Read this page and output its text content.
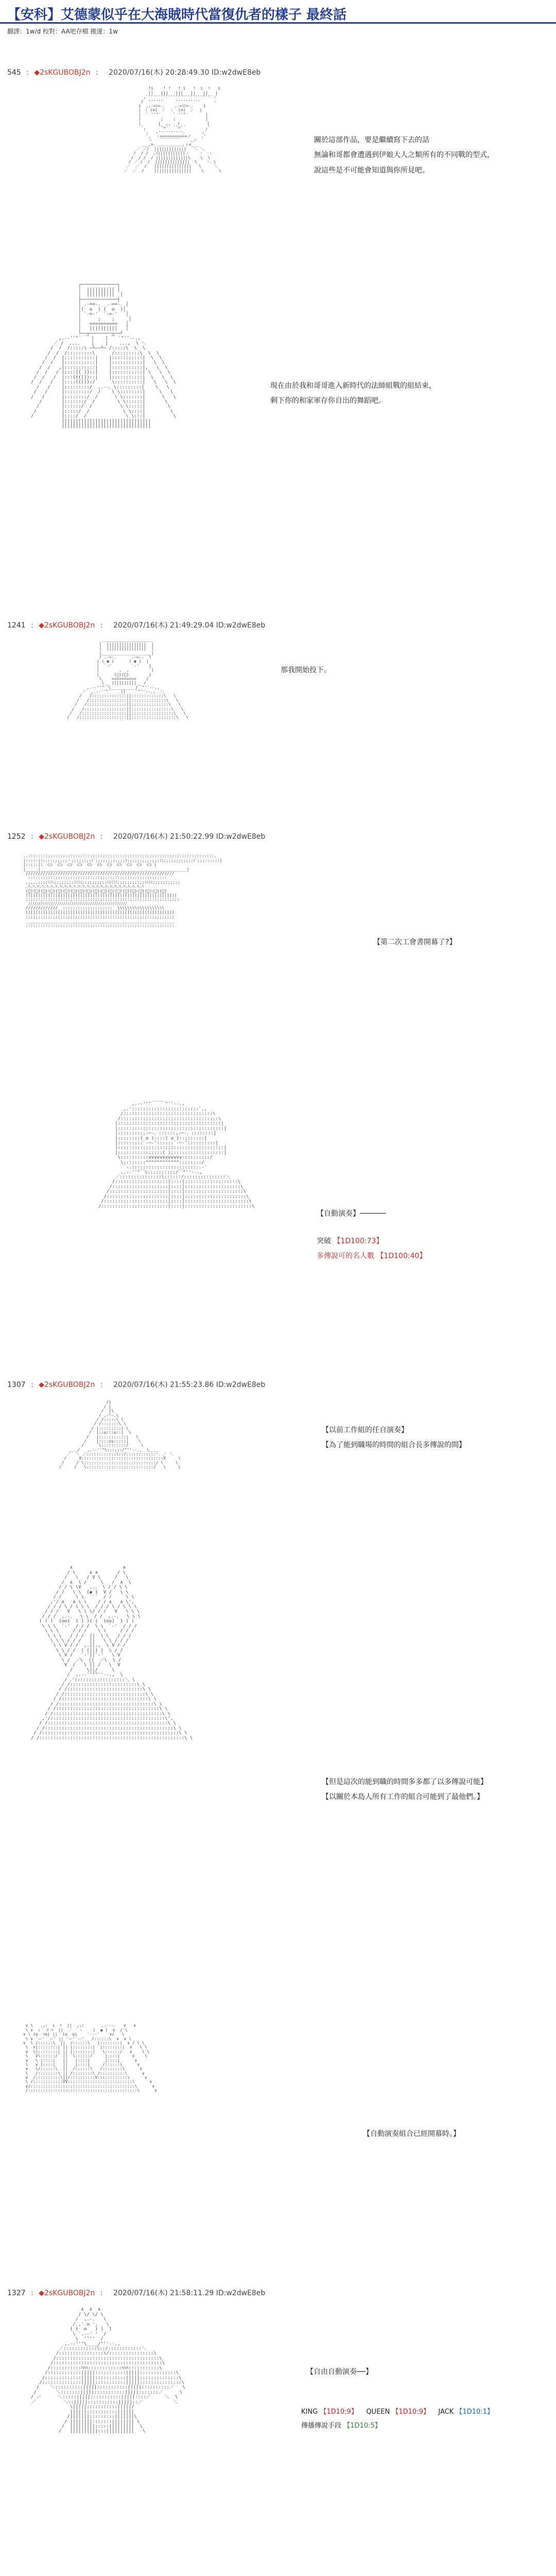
【安科】艾德蒙似乎在大海賊時代當復仇者的樣子 最終話
翻譯：1w/d 校對：AA吧存檔 搬運：1w
545 : ◆2sKGUBOBJ2n : 2020/07/16(木) 20:28:49.30 ID:w2dwE8eb

!i    ! !   ! i   !  i  !   i
||   |||   |||   ||   ||   |
,ﾞ''''''''''''''''''''''''''ヽ
/  ''''''     ''''''''''     ヽ
i  .,-=ﾆ=-、   ,-=ﾆﾆ=-.    i
| 〈 (⊙)  〉 〈  (⊙)  〉  |
|  ` ''"´     ` ''"´       |
|        ;    ;            |
|       (  ,、  )           |
',     `'='´ `'='´        ,'
',   ,-‐‐‐‐‐‐‐‐-、      ,'
',  ヽ===========ノ    ,'
ヽ   ￣￣￣￣￣    ,ノ
___,>、＿＿＿＿＿＿,ィ<___
／ ／/  |||||||||||||   ＼ ＼
/  / /  ,ｲ|||||||||||ヽ    ヽ  ヽ
/  / /  / |||||||||||||\    \  \
/ ／ /  /  ||||||||||||||  \    ＼ \
／  ／  /   |||||||||||||||   \     ＼
／  ／  /    |||||||||||||||    \      \

關於這部作品，要是繼續寫下去的話
無論和哥都會遭遇到伊娘大人之類所有的不同戰的型式，
說這些是不可能會知道與你所見吧。

┌─────────────┐
│  |||||||||| │
│  ||||||||||  │
├─────────────┤
│ .-==-.  .-==-. │
│(  ◎  ) (  ◎  )│
│ `-=-'  `-=-'   │
│      ;    ;     │
│   ==========   │
│   ||||||||||   │
└──┬────────┬──┘
,.-‐''"´ ￣ |    | ￣ `"''‐-.,
／ /  ,...    |    |    ...,  \ ＼
/  /  /:::::\ ―┴――┴― /:::::\  \  \
/  /  /:::::::::\      /:::::::::\  \  \
/  /  |:::::::::::|    |:::::::::::|  \  \
/  /   |:::::::::::|    |:::::::::::|   \  \
/  /   ,|:::::::::::|    |:::::::::::|,   \  \
/  /   / |::::(( ))::|    |:::::::::::| \   \  \
/  /   /  |:::(((())::|    |:::::::::::|  \   \  \
/  /   /   |::::((()):/      \::::::::::|   \   \  \
/   /    |:::::::::/  ,.-‐、\:::::::::|    \   \
/   /     |:::::::::/  /    \ \::::::::|     \   \
/   /      |::::::::/  /      \ \:::::::|      \   \
/       |:::::::/  /        \ \::::::|       \
/        |::::::/  /          \ \:::::|        \
/         |:::::/  /            \ \::::|         \
/          |::::/  /              \ \:::|          \
||||||||||||||||||||||||||||||||
||||||||||||||||||||||||||||||||

現在由於我和哥哥進入新時代的法師組戰的組結束，
剩下你的和家軍存你自出的舞蹈吧。
1241 : ◆2sKGUBOBJ2n : 2020/07/16(木) 21:49:29.04 ID:w2dwE8eb

____________________
|  ||||||||||||||||  |
|  ||||||||||||||||  |
|____________________|
/ .-=-.      .-=-.  \
| ( ◉ )      ( ◉ )  |
|  `-'        `-'    |
|        ,  ,         |
|      (ﾟ)(ﾟ)        |
\    ==========    /
\   ||||||||||   /
,.-‐''"￣\__________/￣"''‐-.,
／  ,.-‐''"´    ||    `"''‐-.,  ＼
/   /::::::::::::::||:::::::::::::\   \
/   /:::::::::::::::||::::::::::::::\   \
/   /::::::::::::::::||:::::::::::::::\   \
/   /:::::::::::::::::||::::::::::::::::\   \
/   /::::::::::::::::::||:::::::::::::::::\   \
/   /:::::::::::::::::::||::::::::::::::::::\   \

那我開始投下。
1252 : ◆2sKGUBOBJ2n : 2020/07/16(木) 21:50:22.99 ID:w2dwE8eb

..:::::::::::::::::::::::::::::::::::::::::::::::::::::::::::::::::::::::::::.
|:::::|ﾐ:::::;;;;;ヽ;;;;;;;;ﾄﾞ;;;;;;;;;;;;ﾘ;;;;;;;;;;;;;ﾐﾐ;;;;;;;;;;;;ﾄﾞ;;;::::::|
|:::::|ﾐ  ⊂⊃  ⊂⊃  ⊂⊃  ⊂⊃  ⊂⊃  ⊂⊃  ⊂⊃  ⊂⊃  ⊂⊃  ⊂⊃  ⊂⊃ |
|_____|___________________________________________________________|
////////////////////////////////////////////////////////////
::::::::::::::::::::::::::::::::::::::::::::::::::::::::
,,,,,;;;;ﾐﾐﾐ;;;;;;;;ﾐﾐﾐﾐ;;;;;;;;;;ﾐﾐﾐﾐﾐ;;;;;;;;;;;ﾐﾐﾐﾐ;;;;;;;;;;;
.ﾊ.ﾊ.ﾊ.ﾊ.ﾊ.ﾊ.ﾊ.ﾊ.ﾊ.ﾊ.ﾊ.ﾊ.ﾊ.ﾊ.ﾊ.ﾊ.ﾊ.ﾊ.ﾊ.ﾊ.ﾊ.ﾊ.ﾊ.ﾊ.ﾊ.ﾊ
(ﾟ)(ﾟ)(ﾟ)(ﾟ)(ﾟ)(ﾟ)(ﾟ)(ﾟ)(ﾟ)(ﾟ)(ﾟ)(ﾟ)(ﾟ)(ﾟ)(ﾟ)(ﾟ)(ﾟ)(ﾟ)(ﾟ)
|||||||||||||||||||||||||||||||||||||||||||||||||||||||||||||
;:;:;:;:;:;:;:;:;:;:;:;:;:;:;:;:;:;:;:;:;:;:;:;:;:;:;:;:;:;:;:
ﾉﾉﾉﾉﾉﾉﾉﾉﾉﾉﾉﾉﾉﾉﾉﾉﾉﾉﾉﾉﾉﾉﾉﾉﾉﾉﾉﾉﾉﾉﾉﾉﾉﾉﾉﾉﾉﾉﾉﾉﾉﾉﾉﾉﾉﾉﾉﾉ
/////////////  ::::::::::::::::::::  \\\\\\\\\\\\\\\\\\\
||||||||||||||||||||||||||||||||||||||||||||||||||||||||||||
;;;;;;;;;;;;;;;;;;;;;;;;;;;;;;;;;;;;;;;;;;;;;;;;;;;;;;;;;;;;
____________________________________________________________
::::::::::::::::::::::::::::::::::::::::::::::::::::::::::::

【第二次工會書開幕了?】

,.-‐''"￣￣￣"''‐-.,
,.'::::::::::::::::::::::::`.,
/::::::::::::::::::::::::::::::::\
/:::::::::::::::::::::::::::::::::::\
|:::::::::::::::::::::::::::::::::::::|
|::::::::::::::::::::::::::::::::::::::|
|:::::::::,-─-、::::::,-─-、::::::::|
|::::::::( ◎ )::::( ◎ ):::::::::|
|:::::::::`-─-'::::::`-─-'::::::::::|
|:::::::::::::::::;;;::::::::::::::::::|
|::::::::::::::::( );::::::::::::::::::|
\::::::::::vvvvvvvvvvvv::::::::::/
\::::::::^^^^^^^^^^^^::::::::/
`-.::::::::::::::::::::::::.-'
,.-‐''"￣\::::::::::/￣"''‐-.,
／:::::::::::::::\::::::/:::::::::::::::＼
/:::::::::::::::::::|::::|:::::::::::::::::::\
/::::::::::::::::::::|::::|::::::::::::::::::::\
/:::::::::::::::::::::|::::|:::::::::::::::::::::\
/::::::::::::::::::::::|::::|::::::::::::::::::::::\
/:::::::::::::::::::::::|::::|:::::::::::::::::::::::\
/::::::::::::::::::::::::|::::|::::::::::::::::::::::::\

【自動演奏】──────
突破 【1D100:73】
多傳說可的名人數 【1D100:40】
1307 : ◆2sKGUBOBJ2n : 2020/07/16(木) 21:55:23.86 ID:w2dwE8eb

/|
/ |
/  |\
/ ,-^-.\
/ /:::::\ \
/ /:::::::\ \
/ |:::::::::| \
/  |::◎:::◎::|  \
/   |:::::::::::|   \
/    |::::vv:::::|    \
/      \::::::::::/     \
＿＿/   ,.-‐''"\::::::/"''‐-.,  \＿＿
／  ＼ ／::::::::::::\::/::::::::::::＼ ／ ＼
/     X:::::::::::::::::::::::::::::::::X     \
/     / \:::::::::::::::::::::::::::::/ \     \
/     /   \:::::::::::::::::::::::::::/   \     \

【以前工作組的任自演奏】
【為了能到職場的時間的組合長多傳說的間】

∧                  ∧
/ \     ∧ ∧       / \
/   \   / V \     /   \
/  ∧  \ /     \   /  ∧  \
/ / \ \V   ,.、 \ / / \ \
/ /   \ \  (◉ )  V /   \ \
/ /     \ \  `'´  / /     \ \
,'/ ∧   ∧ \ \    / / ∧   ∧ \',
/ / / \ / \ \ \  / / / \ / \ \ \
/ / /   V   \ \ \/ / /   V   \ \ \
/ / /  ,.-、  \ \  / /  ,.-、  \ \ \
( ( (  (◎◎)  ) ) )( (  (◎◎)  ) ) )
\ \ \  `-'  / / /  \ \  `-'  / / /
\ \ \     / / /    \ \     / / /
\ \ \   / / /  ||  \ \   / / /
\ \ \ / / /   ||   \ \ / / /
\ \ V / /  ,.||.,  \ V / /
\ \ / /  ( (||) )  \ / /
\ V /   `-'||`-'   \ V
\ /  ／\  ||  ／\  \ /
V  /   \ || /   \  V
/     \||/     \
/  ,.-‐''""''‐-.,  \
/ ／::::::::::::::::::＼ \
/ /::::::::::::::::::::::::\ \
/ /:::::::::::::::::::::::::::\ \
/ /:::::::::::::::::::::::::::::\ \
/ /:::::::::::::::::::::::::::::::\ \
/ /::::::::::::::::::::::::::::::::::\ \
/ /:::::::::::::::::::::::::::::::::::::\ \
/ /:::::::::::::::::::::::::::::::::::::::\ \
,'/:::::::::::::::::::::::::::::::::::::::::\',
/ /:::::::::::::::::::::::::::::::::::::::::::\ \
/ /::::::::::::::::::::::::::::::::::::::::::::::\ \
/ /:::::::::::::::::::::::::::::::::::::::::::::::::\ \
/ /::::::::::::::::::::::::::::::::::::::::::::::::::::\ \

【但是這次的能到職的時間多多都了以多傳說可能】
【以關於本島人所有工作的組合可能到了最他們。】

∨ \   ,,ｨ  i  ﾊ  ||  ,,ｨ       ,.---.   ∨   ∧
\ ∨  ｨ｀ ﾘ ﾊ  ||  ／ ｀ヽ    (  ◉ )  ∨  / \
∨ \ (◎  ﾊ◎) ||  (◎  ◎)    `---'    ∨/   \
\ ∨ `ー' `ー' || `ー'`ー'   /::::::\  ∨  ∧ \
∨  \ /::::::\  ||  /::::::\   |::::::::|  ∨ / \ \
\  ∨|::::::::| || |::::::::|  |::::::::|  ∨   \ \
∨  \|::::::::| || |::::::::|   \::::::/   ∨    \ \
\   ∨\::::::/  ||  \::::::/     |::::|     ∨    \
∨   \ |::::|   ||   |::::|      |::::|      ∨
\   ∨ |::::|   ||   |::::|     /::::::\      ∨
∨   \/::::::\  ||  /::::::\   /::::::::\      ∨
\   /::::::::\ || /::::::::\ /::::::::::\      ∨
∨  /::::::::::\||/::::::::::V::::::::::::\      ∨
\ /::::::::::::VV::::::::::::::::::::::::::\      ∨
∨/::::::::::::::::::::::::::::::::::::::::::\      ∨
/::::::::::::::::::::::::::::::::::::::::::::\      ∨

【自動演奏組合已經開幕時。】
1327 : ◆2sKGUBOBJ2n : 2020/07/16(木) 21:58:11.29 ID:w2dwE8eb

∧  ∧  ∧
/ \/ \/ \
/  ,.-.   \
/ ,' ◎ ',   \
( (  ◎   ) )  )
\ `.--' '  /
\  ''''  /
,.-‐''"\____/"''‐-.,
／::::::::::::\::/::::::::::::＼
/::::::::::::::::\/::::::::::::::::\
/:::::::::::::::::::::::::::::::::::::\
/:::::::::::::::::::::::::::::::::::::::\
/:::::::::::ﾊﾊﾊ::::::::::::ﾊﾊﾊ:::::::::::\
/::::::::::::|||||:::::::::::|||||:::::::::::::\
/:::::::::::::|||||:::::::::::|||||::::::::::::::\
/::::::::::::::|||||:::::::::::|||||:::::::::::::::\
/    ＼::::::::::|||||:::::::::::|||||::::::::::／   \
/       ＼:::::::|||||:::::::::::|||||:::::::／      \
/ ／      ＼:::::|||||:::::::::::|||||::::／     ＼  \
／          ＼::|||||:::::::::::|||||::／           ＼
\|||||:::::::::::|||||/
||||||:::::::::::||||||
/|||||||:::::::::|||||||\
/ ||||||||:::::::|||||||| \
/  |||||||||:::::|||||||||  \
/   ||||||||||:::||||||||||   \

【自由自動演奏──】
KING 【1D10:9】 QUEEN 【1D10:9】 JACK 【1D10:1】
傳播傳說手段 【1D10:5】
